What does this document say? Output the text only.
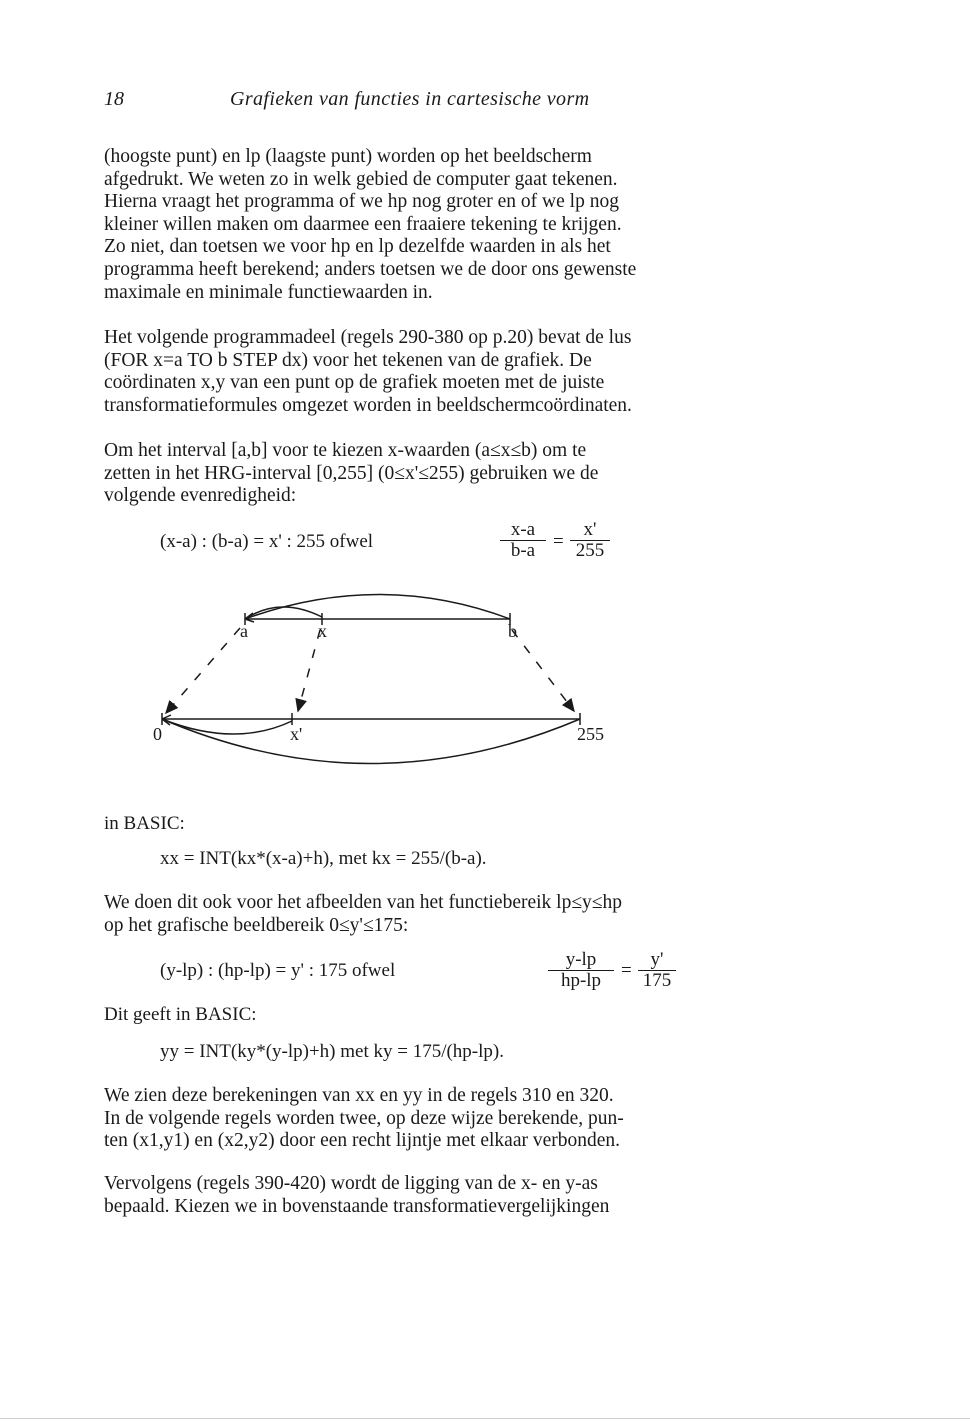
18	Grafieken van functies in cartesische vorm

(hoogste punt) en lp (laagste punt) worden op het beeldscherm
afgedrukt. We weten zo in welk gebied de computer gaat tekenen.
Hierna vraagt het programma of we hp nog groter en of we lp nog
kleiner willen maken om daarmee een fraaiere tekening te krijgen.
Zo niet, dan toetsen we voor hp en lp dezelfde waarden in als het
programma heeft berekend; anders toetsen we de door ons gewenste
maximale en minimale functiewaarden in.

Het volgende programmadeel (regels 290-380 op p.20) bevat de lus
(FOR x=a TO b STEP dx) voor het tekenen van de grafiek. De
coördinaten x,y van een punt op de grafiek moeten met de juiste
transformatieformules omgezet worden in beeldschermcoördinaten.

Om het interval [a,b] voor te kiezen x-waarden (a≤x≤b) om te
zetten in het HRG-interval [0,255] (0≤x'≤255) gebruiken we de
volgende evenredigheid:

(x-a) : (b-a) = x' : 255 ofwel	$\frac{x-a}{b-a} = \frac{x'}{255}$
a	x	b
0	x'	255
in BASIC:
xx = INT(kx*(x-a)+h), met kx = 255/(b-a).

We doen dit ook voor het afbeelden van het functiebereik lp≤y≤hp
op het grafische beeldbereik 0≤y'≤175:

(y-lp) : (hp-lp) = y' : 175 ofwel	$\frac{y-lp}{hp-lp} = \frac{y'}{175}$
Dit geeft in BASIC:
yy = INT(ky*(y-lp)+h) met ky = 175/(hp-lp).

We zien deze berekeningen van xx en yy in de regels 310 en 320.
In de volgende regels worden twee, op deze wijze berekende, pun-
ten (x1,y1) en (x2,y2) door een recht lijntje met elkaar verbonden.

Vervolgens (regels 390-420) wordt de ligging van de x- en y-as
bepaald. Kiezen we in bovenstaande transformatievergelijkingen
